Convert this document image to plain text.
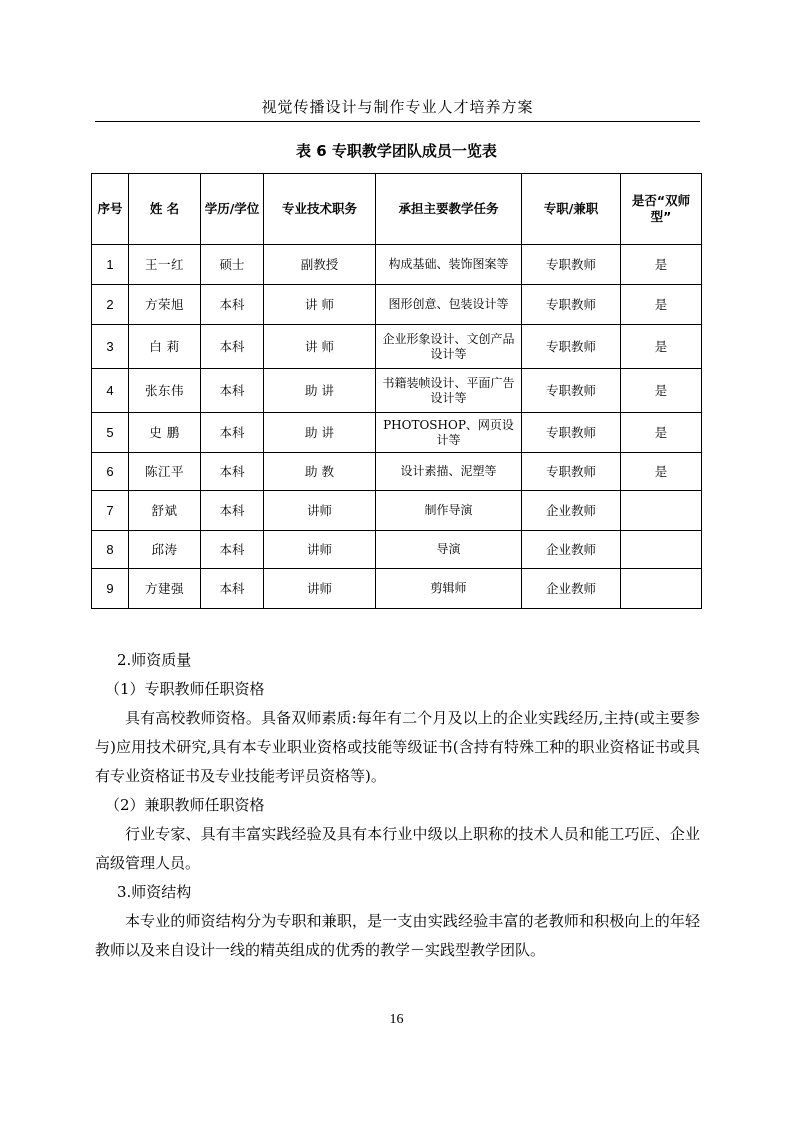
视觉传播设计与制作专业人才培养方案
表 6 专职教学团队成员一览表
序号	姓 名	学历/学位	专业技术职务	承担主要教学任务	专职/兼职	是否“双师型”
1	王一红	硕士	副教授	构成基础、装饰图案等	专职教师	是
2	方荣旭	本科	讲 师	图形创意、包装设计等	专职教师	是
3	白 莉	本科	讲 师	企业形象设计、文创产品设计等	专职教师	是
4	张东伟	本科	助 讲	书籍装帧设计、平面广告设计等	专职教师	是
5	史 鹏	本科	助 讲	PHOTOSHOP、网页设计等	专职教师	是
6	陈江平	本科	助 教	设计素描、泥塑等	专职教师	是
7	舒斌	本科	讲师	制作导演	企业教师	
8	邱涛	本科	讲师	导演	企业教师	
9	方建强	本科	讲师	剪辑师	企业教师	

2.师资质量

（1）专职教师任职资格

具有高校教师资格。具备双师素质:每年有二个月及以上的企业实践经历,主持(或主要参与)应用技术研究,具有本专业职业资格或技能等级证书(含持有特殊工种的职业资格证书或具有专业资格证书及专业技能考评员资格等)。

（2）兼职教师任职资格

行业专家、具有丰富实践经验及具有本行业中级以上职称的技术人员和能工巧匠、企业高级管理人员。

3.师资结构

本专业的师资结构分为专职和兼职，是一支由实践经验丰富的老教师和积极向上的年轻教师以及来自设计一线的精英组成的优秀的教学－实践型教学团队。

16
